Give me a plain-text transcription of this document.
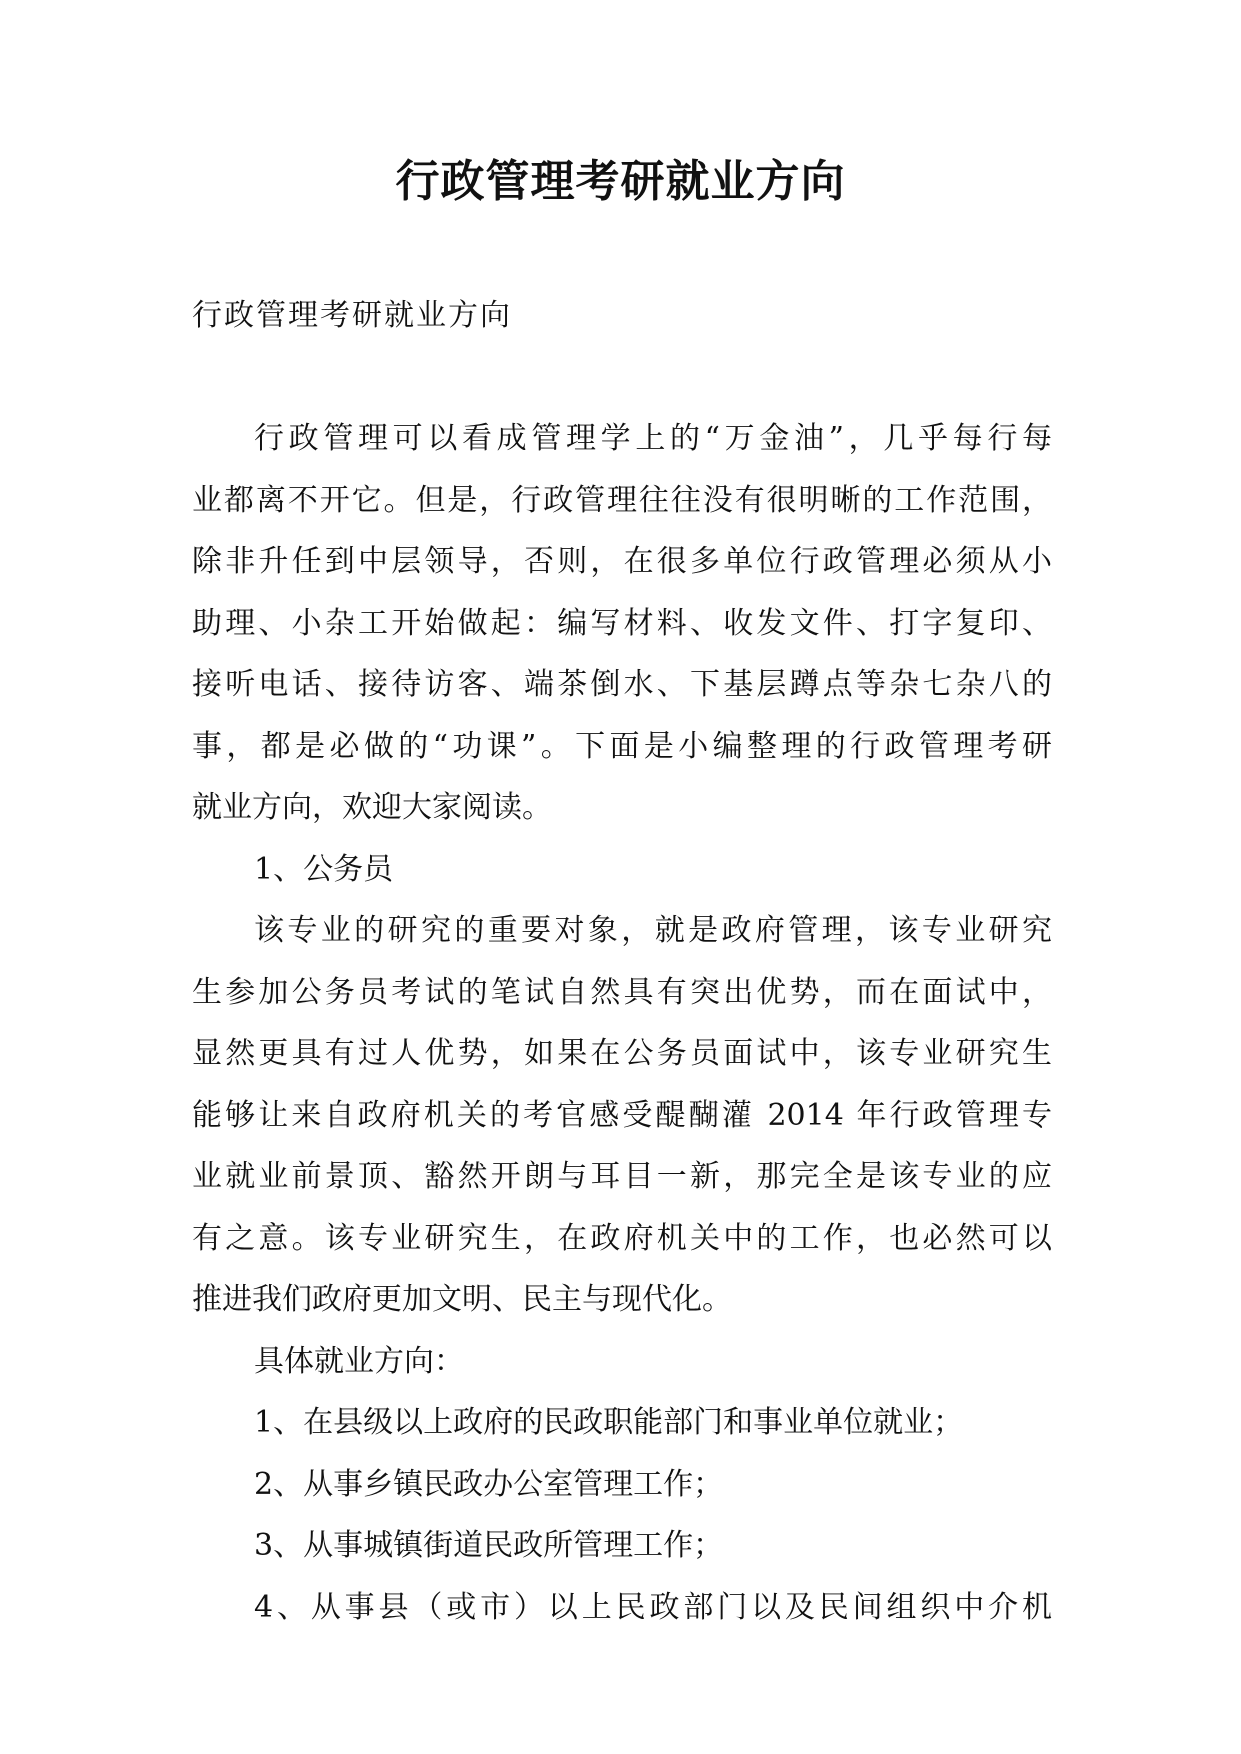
行政管理考研就业方向
行政管理考研就业方向
行政管理可以看成管理学上的“万金油”，几乎每行每
业都离不开它。但是，行政管理往往没有很明晰的工作范围，
除非升任到中层领导，否则，在很多单位行政管理必须从小
助理、小杂工开始做起：编写材料、收发文件、打字复印、
接听电话、接待访客、端茶倒水、下基层蹲点等杂七杂八的
事，都是必做的“功课”。下面是小编整理的行政管理考研
就业方向，欢迎大家阅读。
1、公务员
该专业的研究的重要对象，就是政府管理，该专业研究
生参加公务员考试的笔试自然具有突出优势，而在面试中，
显然更具有过人优势，如果在公务员面试中，该专业研究生
能够让来自政府机关的考官感受醍醐灌 2014 年行政管理专
业就业前景顶、豁然开朗与耳目一新，那完全是该专业的应
有之意。该专业研究生，在政府机关中的工作，也必然可以
推进我们政府更加文明、民主与现代化。
具体就业方向：
1、在县级以上政府的民政职能部门和事业单位就业；
2、从事乡镇民政办公室管理工作；
3、从事城镇街道民政所管理工作；
4、从事县（或市）以上民政部门以及民间组织中介机
